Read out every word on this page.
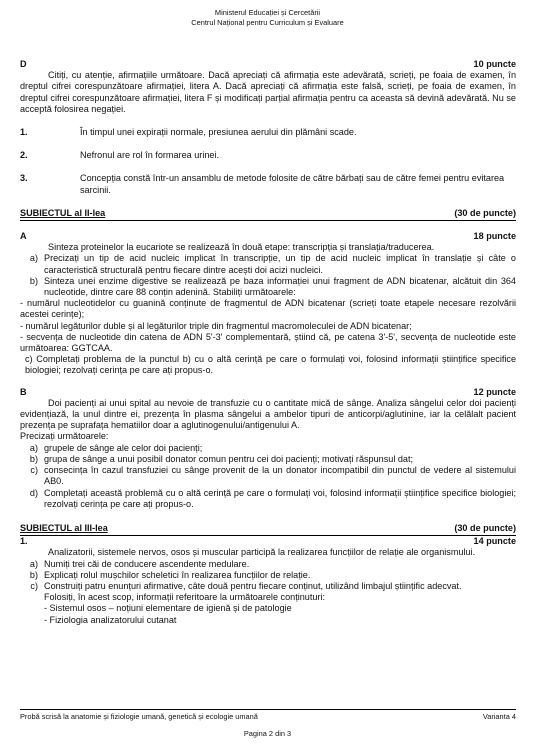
Ministerul Educației și Cercetării
Centrul Național pentru Curriculum și Evaluare
D	10 puncte

Citiți, cu atenție, afirmațiile următoare. Dacă apreciați că afirmația este adevărată, scrieți, pe foaia de examen, în dreptul cifrei corespunzătoare afirmației, litera A. Dacă apreciați că afirmația este falsă, scrieți, pe foaia de examen, în dreptul cifrei corespunzătoare afirmației, litera F și modificați parțial afirmația pentru ca aceasta să devină adevărată. Nu se acceptă folosirea negației.

1.	În timpul unei expirații normale, presiunea aerului din plămâni scade.
2.	Nefronul are rol în formarea urinei.
3.	Concepția constă într-un ansamblu de metode folosite de către bărbați sau de către femei pentru evitarea sarcinii.
SUBIECTUL al II-lea	(30 de puncte)
A	18 puncte

Sinteza proteinelor la eucariote se realizează în două etape: transcripția și translația/traducerea.

a) Precizați un tip de acid nucleic implicat în transcripție, un tip de acid nucleic implicat în translație și câte o caracteristică structurală pentru fiecare dintre acești doi acizi nucleici.
b) Sinteza unei enzime digestive se realizează pe baza informației unui fragment de ADN bicatenar, alcătuit din 364 nucleotide, dintre care 88 conțin adenină. Stabiliți următoarele:

- numărul nucleotidelor cu guanină conținute de fragmentul de ADN bicatenar (scrieți toate etapele necesare rezolvării acestei cerințe);

- numărul legăturilor duble și al legăturilor triple din fragmentul macromoleculei de ADN bicatenar;

- secvența de nucleotide din catena de ADN 5'-3' complementară, știind că, pe catena 3'-5', secvența de nucleotide este următoarea: GGTCAA.

c) Completați problema de la punctul b) cu o altă cerință pe care o formulați voi, folosind informații științifice specifice biologiei; rezolvați cerința pe care ați propus-o.

B	12 puncte

Doi pacienți ai unui spital au nevoie de transfuzie cu o cantitate mică de sânge. Analiza sângelui celor doi pacienți evidențiază, la unul dintre ei, prezența în plasma sângelui a ambelor tipuri de anticorpi/aglutinine, iar la celălalt pacient prezența pe suprafața hematiilor doar a aglutinogenului/antigenului A.

Precizați următoarele:

a) grupele de sânge ale celor doi pacienți;
b) grupa de sânge a unui posibil donator comun pentru cei doi pacienți; motivați răspunsul dat;
c) consecința în cazul transfuziei cu sânge provenit de la un donator incompatibil din punctul de vedere al sistemului AB0.
d) Completați această problemă cu o altă cerință pe care o formulați voi, folosind informații științifice specifice biologiei; rezolvați cerința pe care ați propus-o.
SUBIECTUL al III-lea	(30 de puncte)
1.	14 puncte

Analizatorii, sistemele nervos, osos și muscular participă la realizarea funcțiilor de relație ale organismului.

a) Numiți trei căi de conducere ascendente medulare.
b) Explicați rolul mușchilor scheletici în realizarea funcțiilor de relație.
c) Construiți patru enunțuri afirmative, câte două pentru fiecare conținut, utilizând limbajul științific adecvat.

Folosiți, în acest scop, informații referitoare la următoarele conținuturi:

- Sistemul osos – noțiuni elementare de igienă și de patologie

- Fiziologia analizatorului cutanat

Probă scrisă la anatomie și fiziologie umană, genetică și ecologie umană	Varianta 4
Pagina 2 din 3
